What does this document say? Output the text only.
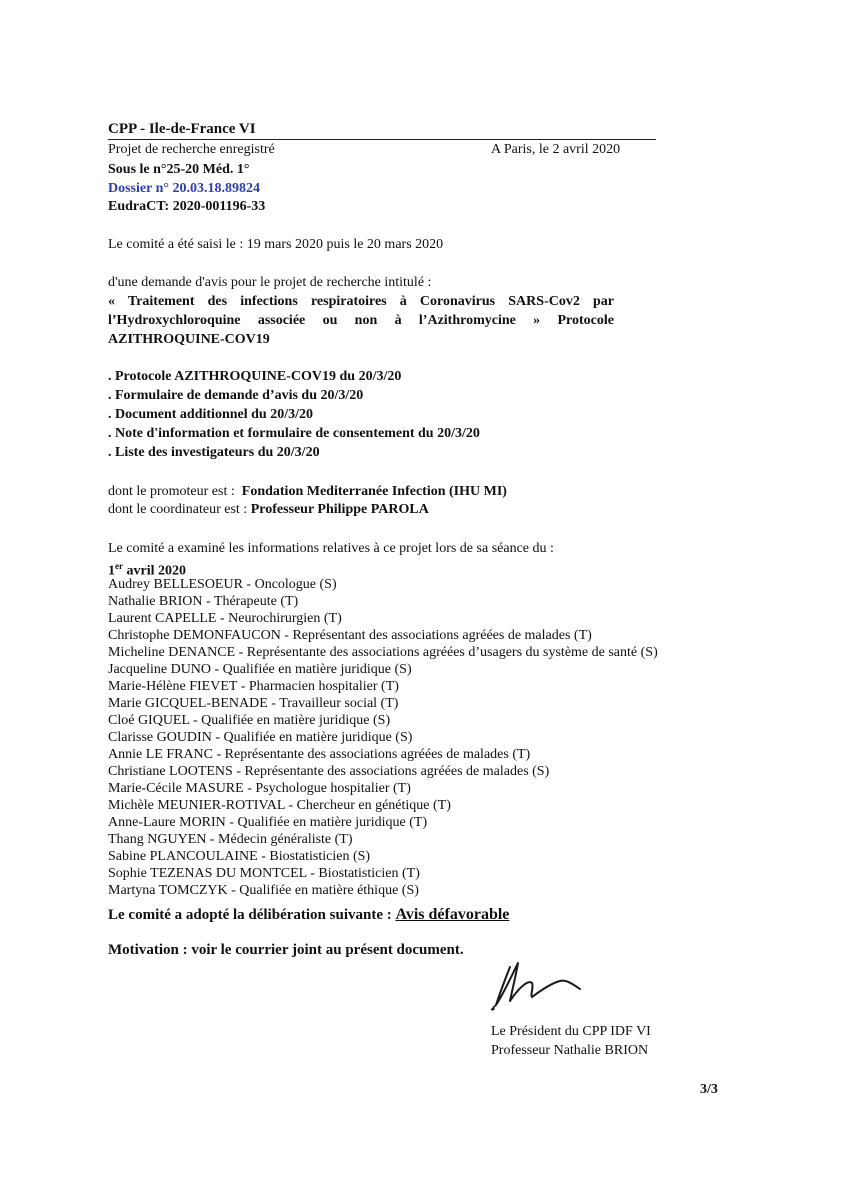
CPP - Ile-de-France VI
Projet de recherche enregistré	A Paris, le 2 avril 2020
Sous le n°25-20 Méd. 1°
Dossier n° 20.03.18.89824
EudraCT: 2020-001196-33
Le comité a été saisi le : 19 mars 2020 puis le 20 mars 2020
d'une demande d'avis pour le projet de recherche intitulé :
« Traitement des infections respiratoires à Coronavirus SARS-Cov2 par
l’Hydroxychloroquine associée ou non à l’Azithromycine » Protocole
AZITHROQUINE-COV19
. Protocole AZITHROQUINE-COV19 du 20/3/20
. Formulaire de demande d’avis du 20/3/20
. Document additionnel du 20/3/20
. Note d'information et formulaire de consentement du 20/3/20
. Liste des investigateurs du 20/3/20
dont le promoteur est : Fondation Mediterranée Infection (IHU MI)
dont le coordinateur est : Professeur Philippe PAROLA
Le comité a examiné les informations relatives à ce projet lors de sa séance du :
1er avril 2020
Audrey BELLESOEUR - Oncologue (S)
Nathalie BRION - Thérapeute (T)
Laurent CAPELLE - Neurochirurgien (T)
Christophe DEMONFAUCON - Représentant des associations agréées de malades (T)
Micheline DENANCE - Représentante des associations agréées d’usagers du système de santé (S)
Jacqueline DUNO - Qualifiée en matière juridique (S)
Marie-Hélène FIEVET - Pharmacien hospitalier (T)
Marie GICQUEL-BENADE - Travailleur social (T)
Cloé GIQUEL - Qualifiée en matière juridique (S)
Clarisse GOUDIN - Qualifiée en matière juridique (S)
Annie LE FRANC - Représentante des associations agréées de malades (T)
Christiane LOOTENS - Représentante des associations agréées de malades (S)
Marie-Cécile MASURE - Psychologue hospitalier (T)
Michèle MEUNIER-ROTIVAL - Chercheur en génétique (T)
Anne-Laure MORIN - Qualifiée en matière juridique (T)
Thang NGUYEN - Médecin généraliste (T)
Sabine PLANCOULAINE - Biostatisticien (S)
Sophie TEZENAS DU MONTCEL - Biostatisticien (T)
Martyna TOMCZYK - Qualifiée en matière éthique (S)
Le comité a adopté la délibération suivante : Avis défavorable
Motivation : voir le courrier joint au présent document.
Le Président du CPP IDF VI
Professeur Nathalie BRION
3/3
